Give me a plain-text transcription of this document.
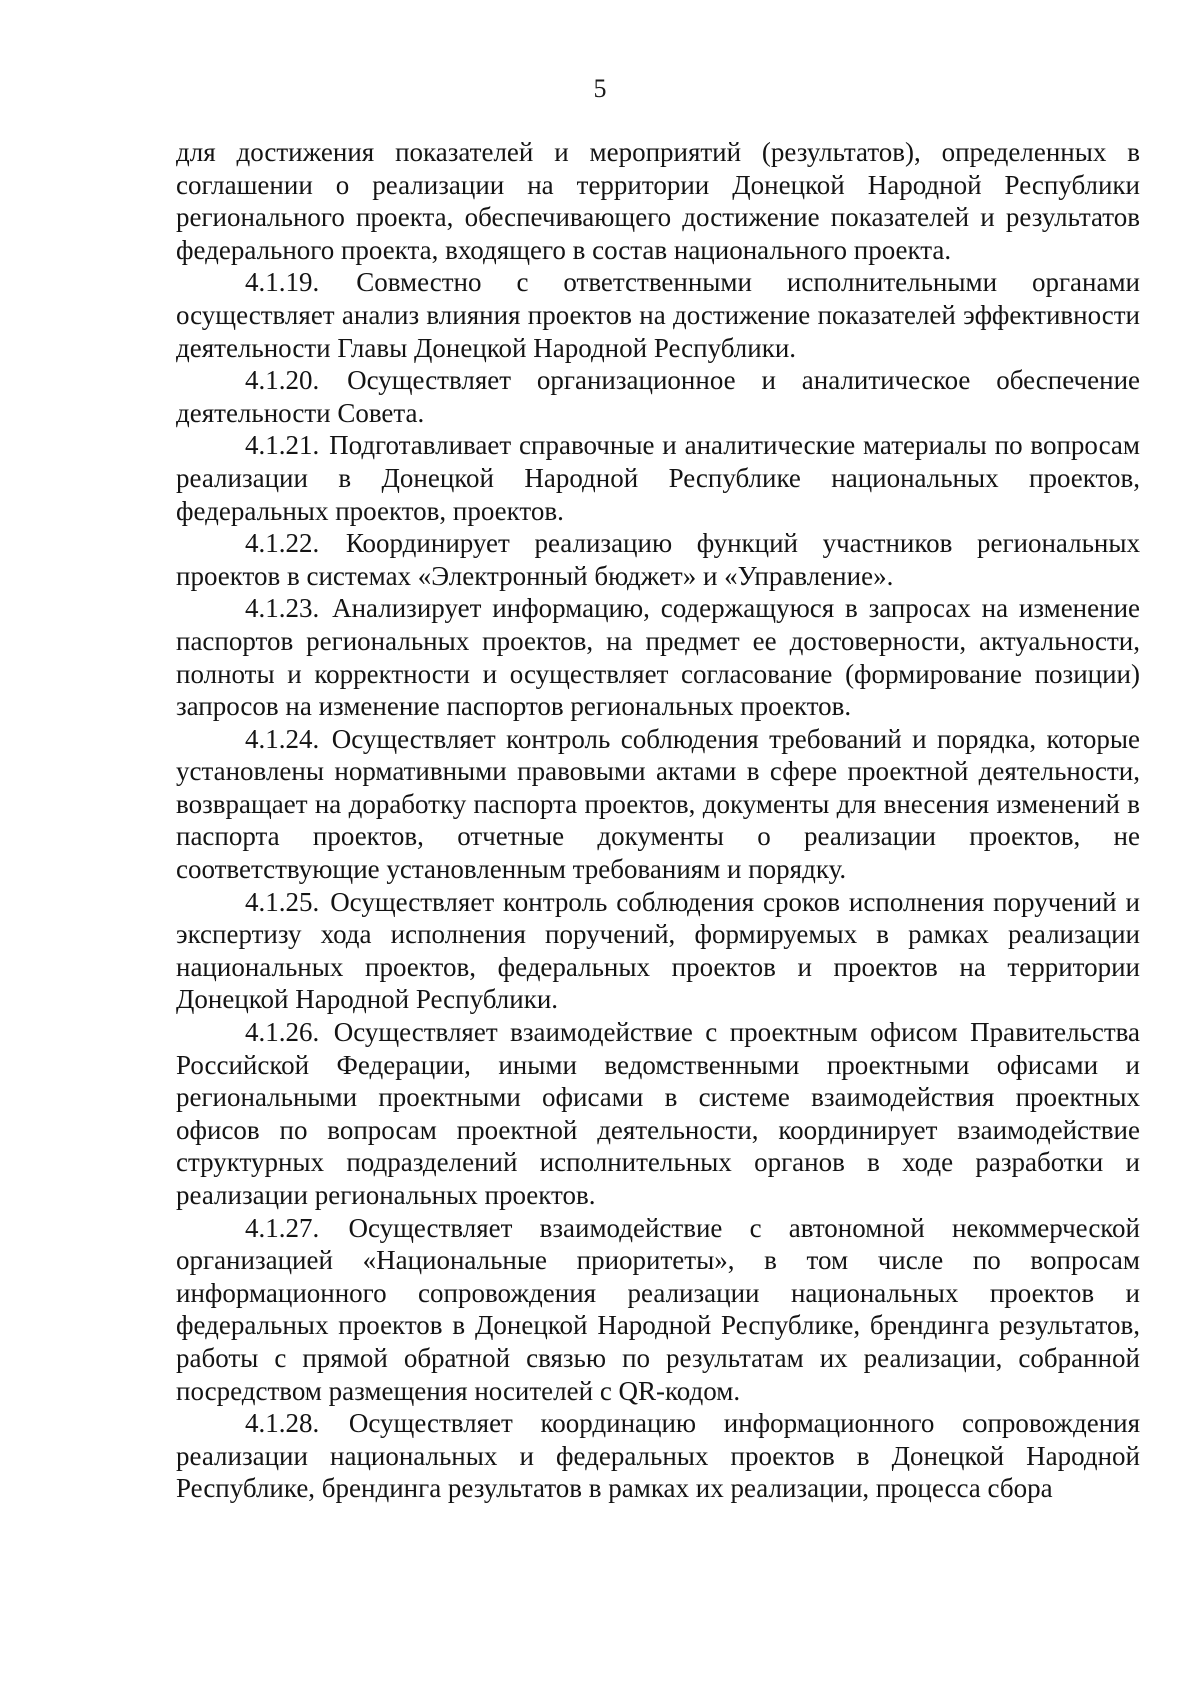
5

для достижения показателей и мероприятий (результатов), определенных в соглашении о реализации на территории Донецкой Народной Республики регионального проекта, обеспечивающего достижение показателей и результатов федерального проекта, входящего в состав национального проекта.

4.1.19. Совместно с ответственными исполнительными органами осуществляет анализ влияния проектов на достижение показателей эффективности деятельности Главы Донецкой Народной Республики.

4.1.20. Осуществляет организационное и аналитическое обеспечение деятельности Совета.

4.1.21. Подготавливает справочные и аналитические материалы по вопросам реализации в Донецкой Народной Республике национальных проектов, федеральных проектов, проектов.

4.1.22. Координирует реализацию функций участников региональных проектов в системах «Электронный бюджет» и «Управление».

4.1.23. Анализирует информацию, содержащуюся в запросах на изменение паспортов региональных проектов, на предмет ее достоверности, актуальности, полноты и корректности и осуществляет согласование (формирование позиции) запросов на изменение паспортов региональных проектов.

4.1.24. Осуществляет контроль соблюдения требований и порядка, которые установлены нормативными правовыми актами в сфере проектной деятельности, возвращает на доработку паспорта проектов, документы для внесения изменений в паспорта проектов, отчетные документы о реализации проектов, не соответствующие установленным требованиям и порядку.

4.1.25. Осуществляет контроль соблюдения сроков исполнения поручений и экспертизу хода исполнения поручений, формируемых в рамках реализации национальных проектов, федеральных проектов и проектов на территории Донецкой Народной Республики.

4.1.26. Осуществляет взаимодействие с проектным офисом Правительства Российской Федерации, иными ведомственными проектными офисами и региональными проектными офисами в системе взаимодействия проектных офисов по вопросам проектной деятельности, координирует взаимодействие структурных подразделений исполнительных органов в ходе разработки и реализации региональных проектов.

4.1.27. Осуществляет взаимодействие с автономной некоммерческой организацией «Национальные приоритеты», в том числе по вопросам информационного сопровождения реализации национальных проектов и федеральных проектов в Донецкой Народной Республике, брендинга результатов, работы с прямой обратной связью по результатам их реализации, собранной посредством размещения носителей с QR-кодом.

4.1.28. Осуществляет координацию информационного сопровождения реализации национальных и федеральных проектов в Донецкой Народной Республике, брендинга результатов в рамках их реализации, процесса сбора
